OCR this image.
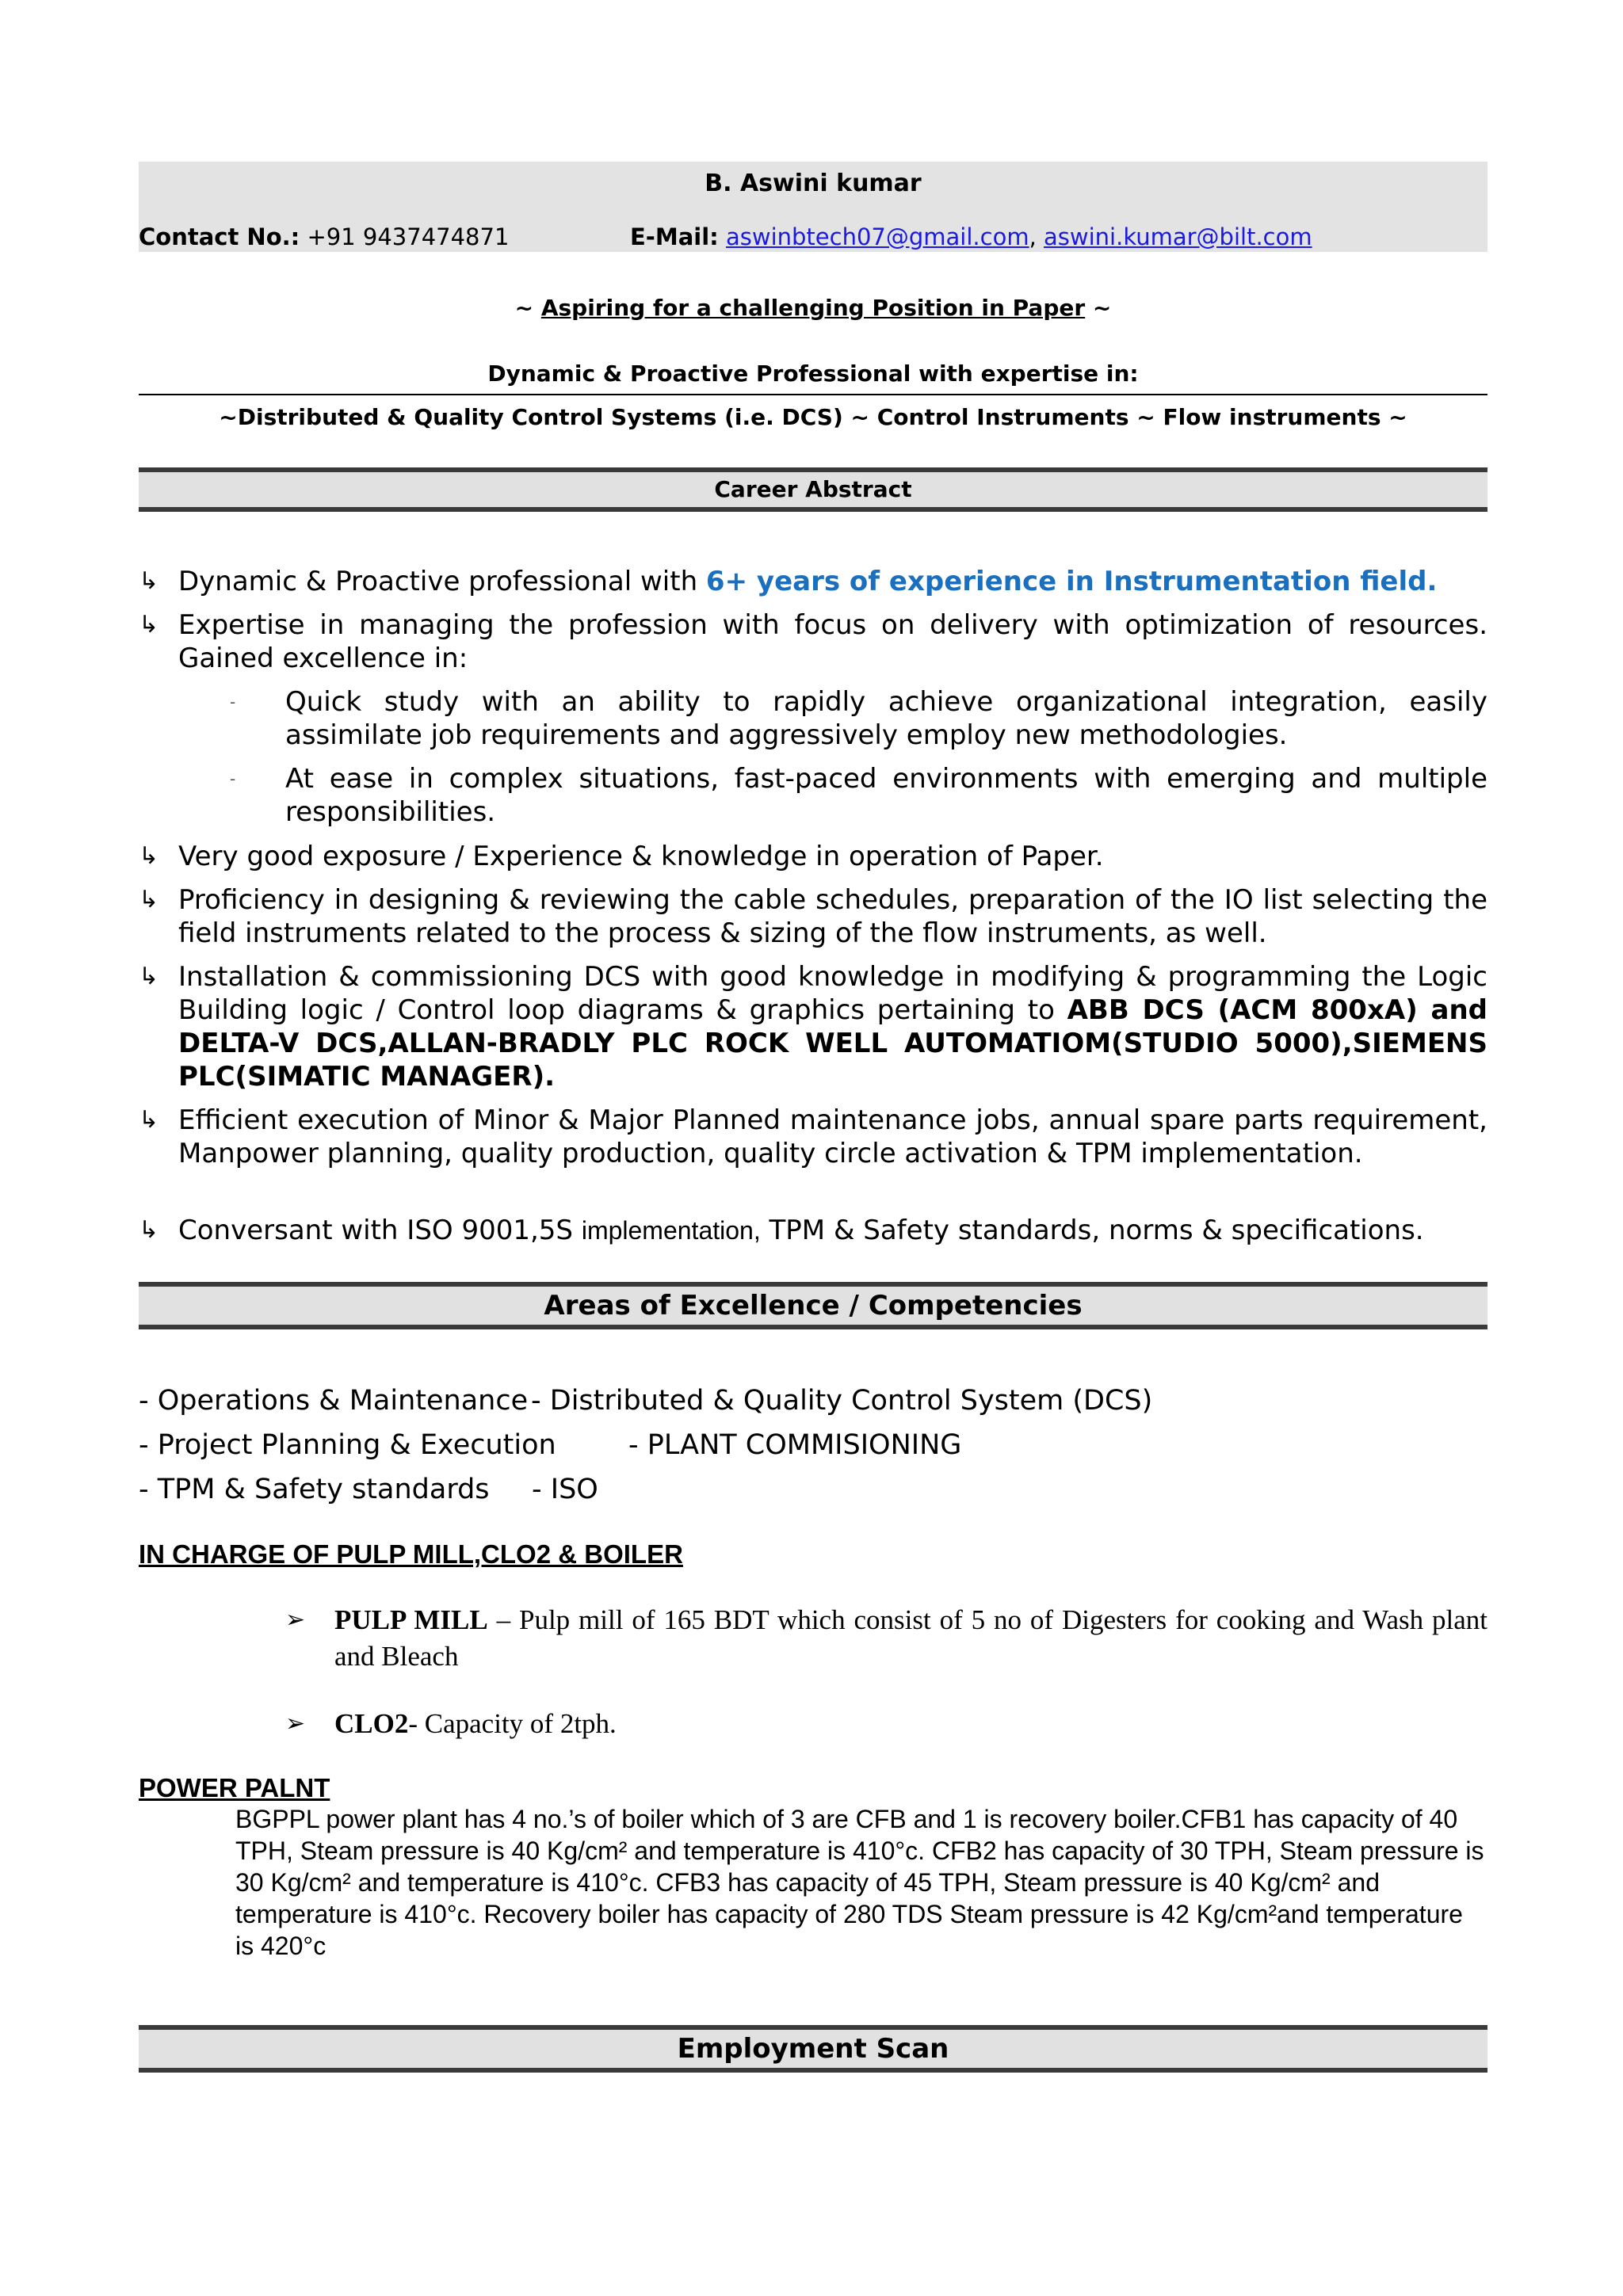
B. Aswini kumar
Contact No.: +91 9437474871	E-Mail: aswinbtech07@gmail.com, aswini.kumar@bilt.com
~ Aspiring for a challenging Position in Paper ~
Dynamic & Proactive Professional with expertise in:
~Distributed & Quality Control Systems (i.e. DCS) ~ Control Instruments ~ Flow instruments ~
Career Abstract
↳ Dynamic & Proactive professional with 6+ years of experience in Instrumentation field.
↳ Expertise in managing the profession with focus on delivery with optimization of resources. Gained excellence in:
- Quick study with an ability to rapidly achieve organizational integration, easily assimilate job requirements and aggressively employ new methodologies.
- At ease in complex situations, fast-paced environments with emerging and multiple responsibilities.
↳ Very good exposure / Experience & knowledge in operation of Paper.
↳ Proficiency in designing & reviewing the cable schedules, preparation of the IO list selecting the field instruments related to the process & sizing of the flow instruments, as well.
↳ Installation & commissioning DCS with good knowledge in modifying & programming the Logic Building logic / Control loop diagrams & graphics pertaining to ABB DCS (ACM 800xA) and DELTA-V DCS,ALLAN-BRADLY PLC ROCK WELL AUTOMATIOM(STUDIO 5000),SIEMENS PLC(SIMATIC MANAGER).
↳ Efficient execution of Minor & Major Planned maintenance jobs, annual spare parts requirement, Manpower planning, quality production, quality circle activation & TPM implementation.
↳ Conversant with ISO 9001,5S implementation, TPM & Safety standards, norms & specifications.
Areas of Excellence / Competencies
- Operations & Maintenance - Distributed & Quality Control System (DCS)
- Project Planning & Execution	- PLANT COMMISIONING
- TPM & Safety standards - ISO
IN CHARGE OF PULP MILL,CLO2 & BOILER
➢ PULP MILL – Pulp mill of 165 BDT which consist of 5 no of Digesters for cooking and Wash plant and Bleach
➢ CLO2- Capacity of 2tph.
POWER PALNT
BGPPL power plant has 4 no.’s of boiler which of 3 are CFB and 1 is recovery boiler.CFB1 has capacity of 40 TPH, Steam pressure is 40 Kg/cm² and temperature is 410°c. CFB2 has capacity of 30 TPH, Steam pressure is 30 Kg/cm² and temperature is 410°c. CFB3 has capacity of 45 TPH, Steam pressure is 40 Kg/cm² and temperature is 410°c. Recovery boiler has capacity of 280 TDS Steam pressure is 42 Kg/cm²and temperature is 420°c
Employment Scan
